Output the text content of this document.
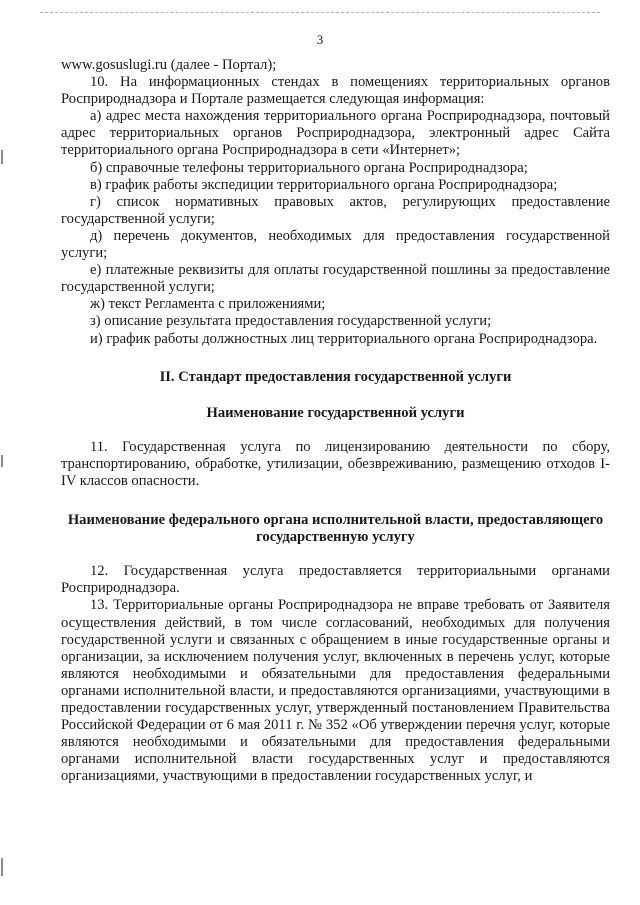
3

www.gosuslugi.ru (далее - Портал);

10. На информационных стендах в помещениях территориальных органов Росприроднадзора и Портале размещается следующая информация:

а) адрес места нахождения территориального органа Росприроднадзора, почтовый адрес территориальных органов Росприроднадзора, электронный адрес Сайта территориального органа Росприроднадзора в сети «Интернет»;

б) справочные телефоны территориального органа Росприроднадзора;

в) график работы экспедиции территориального органа Росприроднадзора;

г) список нормативных правовых актов, регулирующих предоставление государственной услуги;

д) перечень документов, необходимых для предоставления государственной услуги;

е) платежные реквизиты для оплаты государственной пошлины за предоставление государственной услуги;

ж) текст Регламента с приложениями;

з) описание результата предоставления государственной услуги;

и) график работы должностных лиц территориального органа Росприроднадзора.

II. Стандарт предоставления государственной услуги

Наименование государственной услуги

11. Государственная услуга по лицензированию деятельности по сбору, транспортированию, обработке, утилизации, обезвреживанию, размещению отходов I-IV классов опасности.

Наименование федерального органа исполнительной власти, предоставляющего государственную услугу

12. Государственная услуга предоставляется территориальными органами Росприроднадзора.

13. Территориальные органы Росприроднадзора не вправе требовать от Заявителя осуществления действий, в том числе согласований, необходимых для получения государственной услуги и связанных с обращением в иные государственные органы и организации, за исключением получения услуг, включенных в перечень услуг, которые являются необходимыми и обязательными для предоставления федеральными органами исполнительной власти, и предоставляются организациями, участвующими в предоставлении государственных услуг, утвержденный постановлением Правительства Российской Федерации от 6 мая 2011 г. № 352 «Об утверждении перечня услуг, которые являются необходимыми и обязательными для предоставления федеральными органами исполнительной власти государственных услуг и предоставляются организациями, участвующими в предоставлении государственных услуг, и
